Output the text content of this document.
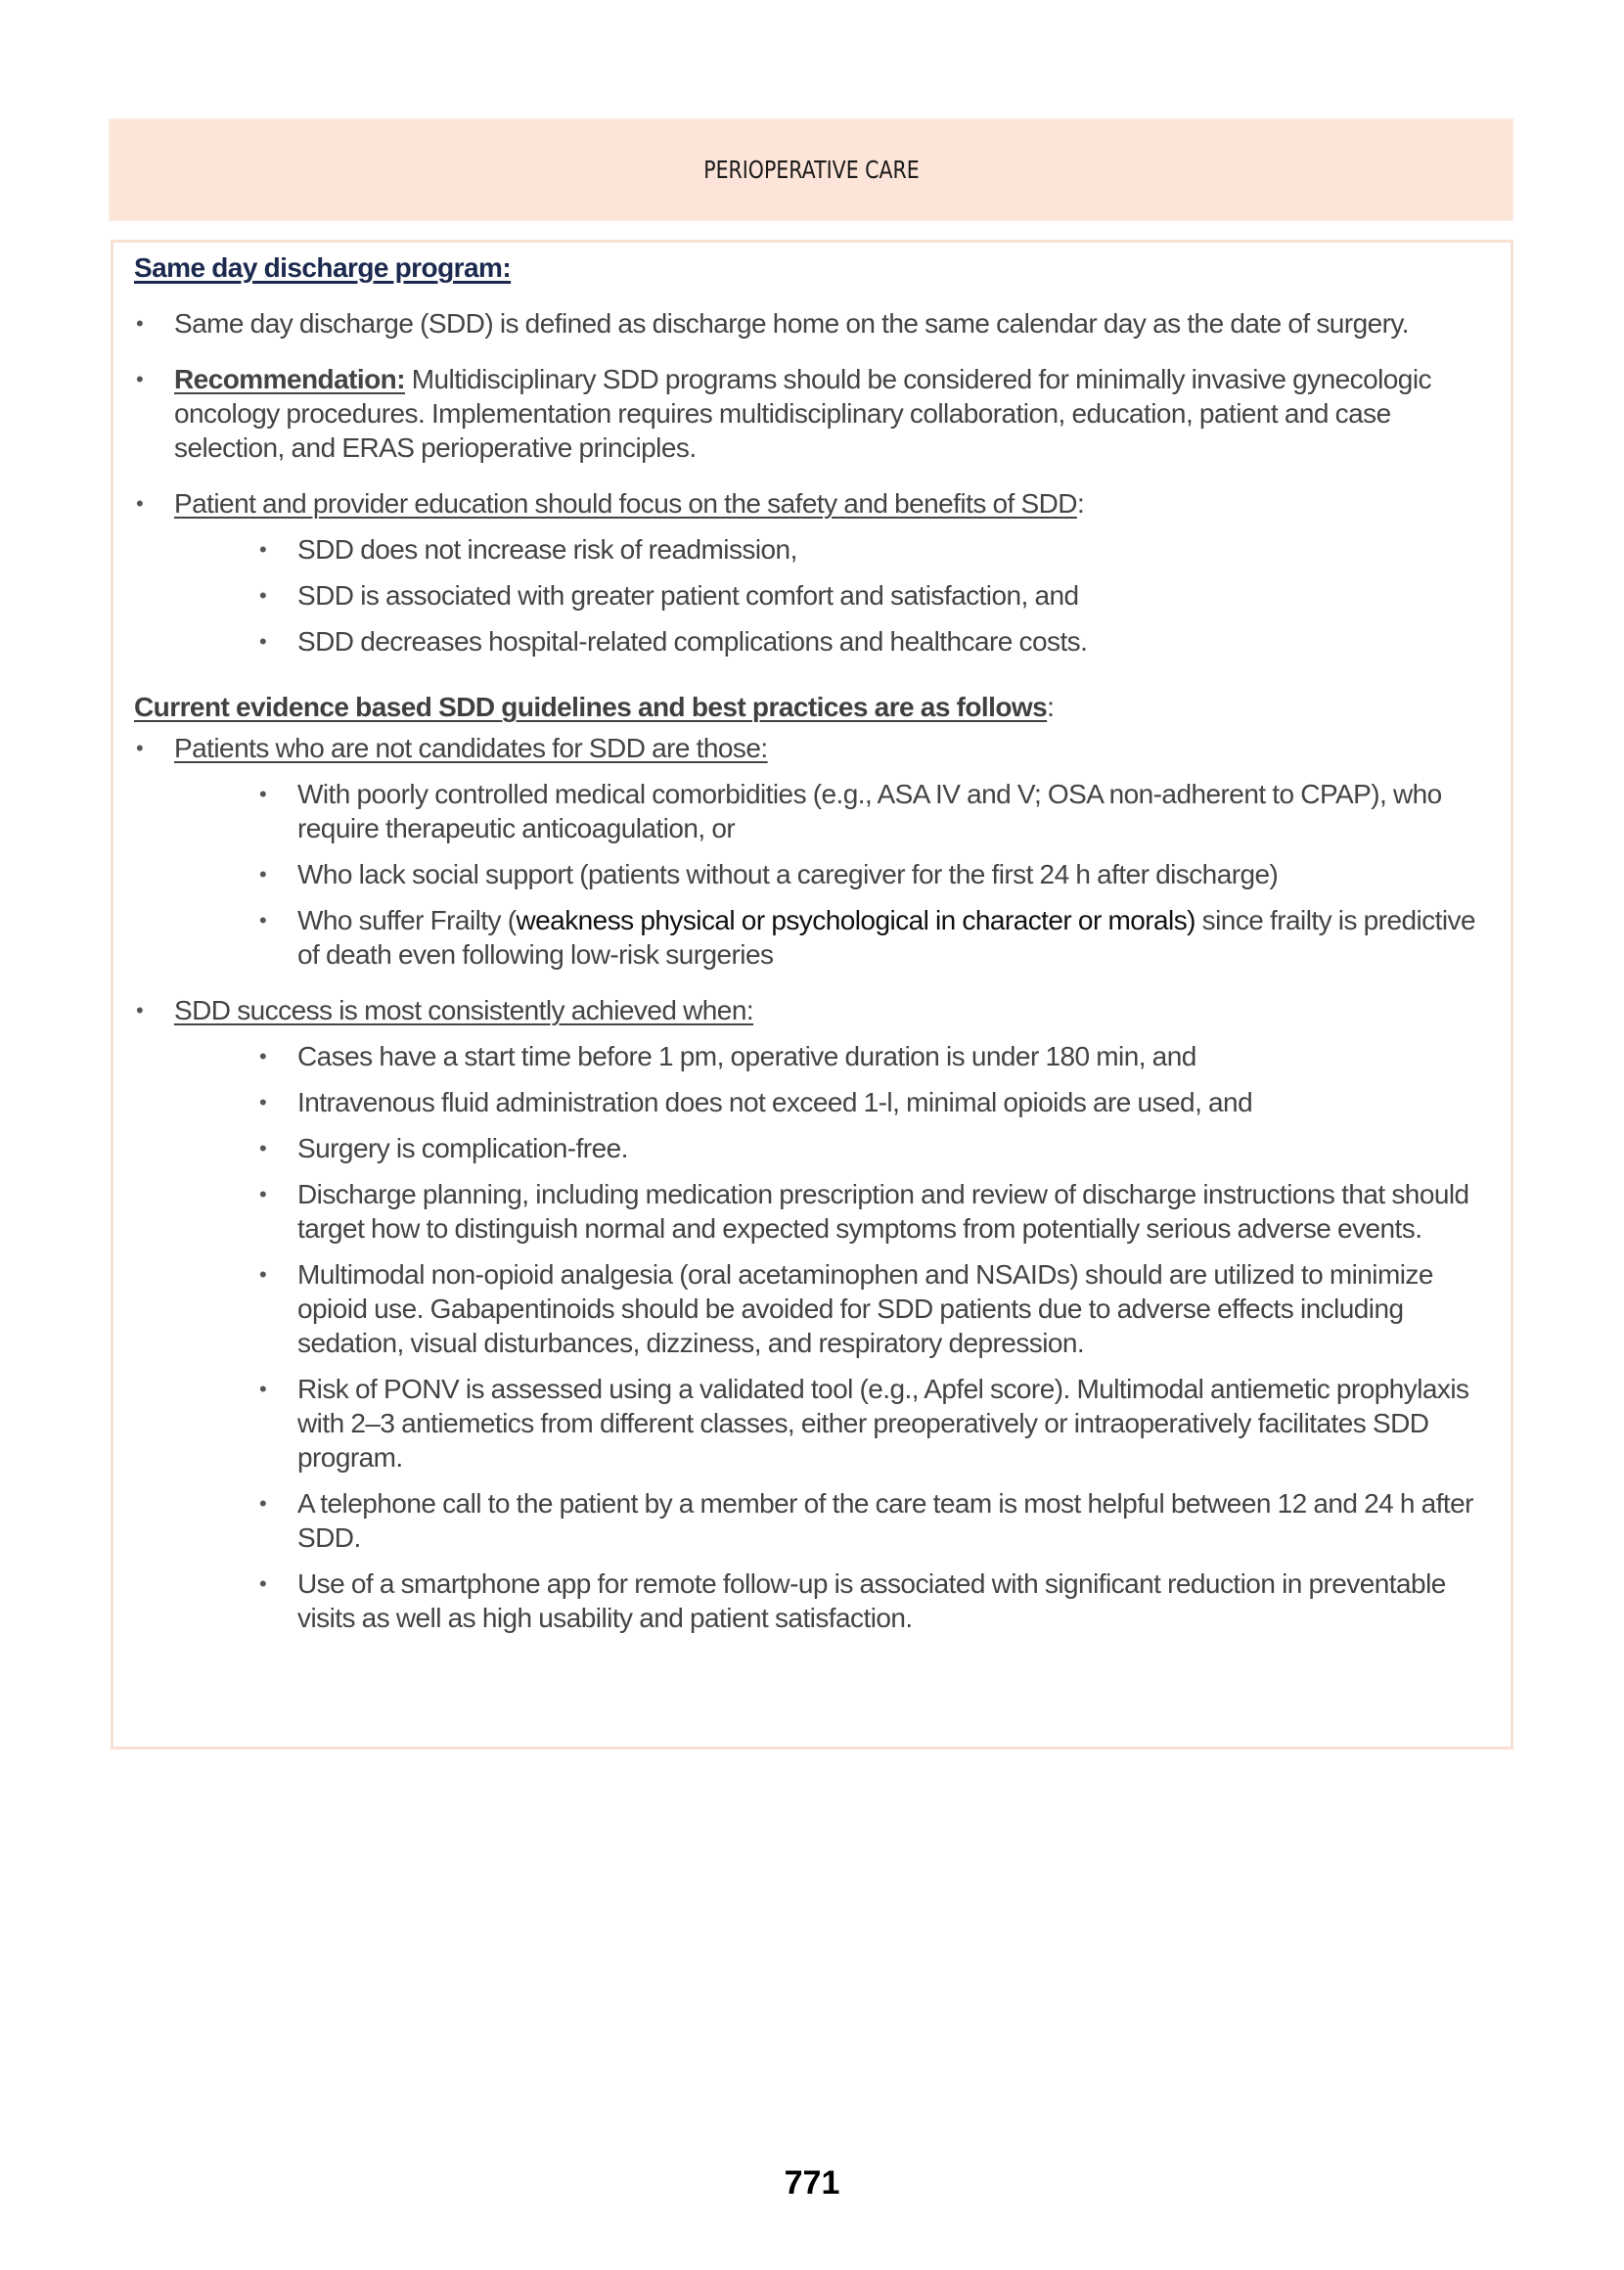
PERIOPERATIVE CARE
Same day discharge program:
• Same day discharge (SDD) is defined as discharge home on the same calendar day as the date of surgery.
• Recommendation: Multidisciplinary SDD programs should be considered for minimally invasive gynecologic oncology procedures. Implementation requires multidisciplinary collaboration, education, patient and case selection, and ERAS perioperative principles.
• Patient and provider education should focus on the safety and benefits of SDD:
• SDD does not increase risk of readmission,
• SDD is associated with greater patient comfort and satisfaction, and
• SDD decreases hospital-related complications and healthcare costs.
Current evidence based SDD guidelines and best practices are as follows:
• Patients who are not candidates for SDD are those:
• With poorly controlled medical comorbidities (e.g., ASA IV and V; OSA non-adherent to CPAP), who require therapeutic anticoagulation, or
• Who lack social support (patients without a caregiver for the first 24 h after discharge)
• Who suffer Frailty (weakness physical or psychological in character or morals) since frailty is predictive of death even following low-risk surgeries
• SDD success is most consistently achieved when:
• Cases have a start time before 1 pm, operative duration is under 180 min, and
• Intravenous fluid administration does not exceed 1-l, minimal opioids are used, and
• Surgery is complication-free.
• Discharge planning, including medication prescription and review of discharge instructions that should target how to distinguish normal and expected symptoms from potentially serious adverse events.
• Multimodal non-opioid analgesia (oral acetaminophen and NSAIDs) should are utilized to minimize opioid use. Gabapentinoids should be avoided for SDD patients due to adverse effects including sedation, visual disturbances, dizziness, and respiratory depression.
• Risk of PONV is assessed using a validated tool (e.g., Apfel score). Multimodal antiemetic prophylaxis with 2–3 antiemetics from different classes, either preoperatively or intraoperatively facilitates SDD program.
• A telephone call to the patient by a member of the care team is most helpful between 12 and 24 h after SDD.
• Use of a smartphone app for remote follow-up is associated with significant reduction in preventable visits as well as high usability and patient satisfaction.
771
